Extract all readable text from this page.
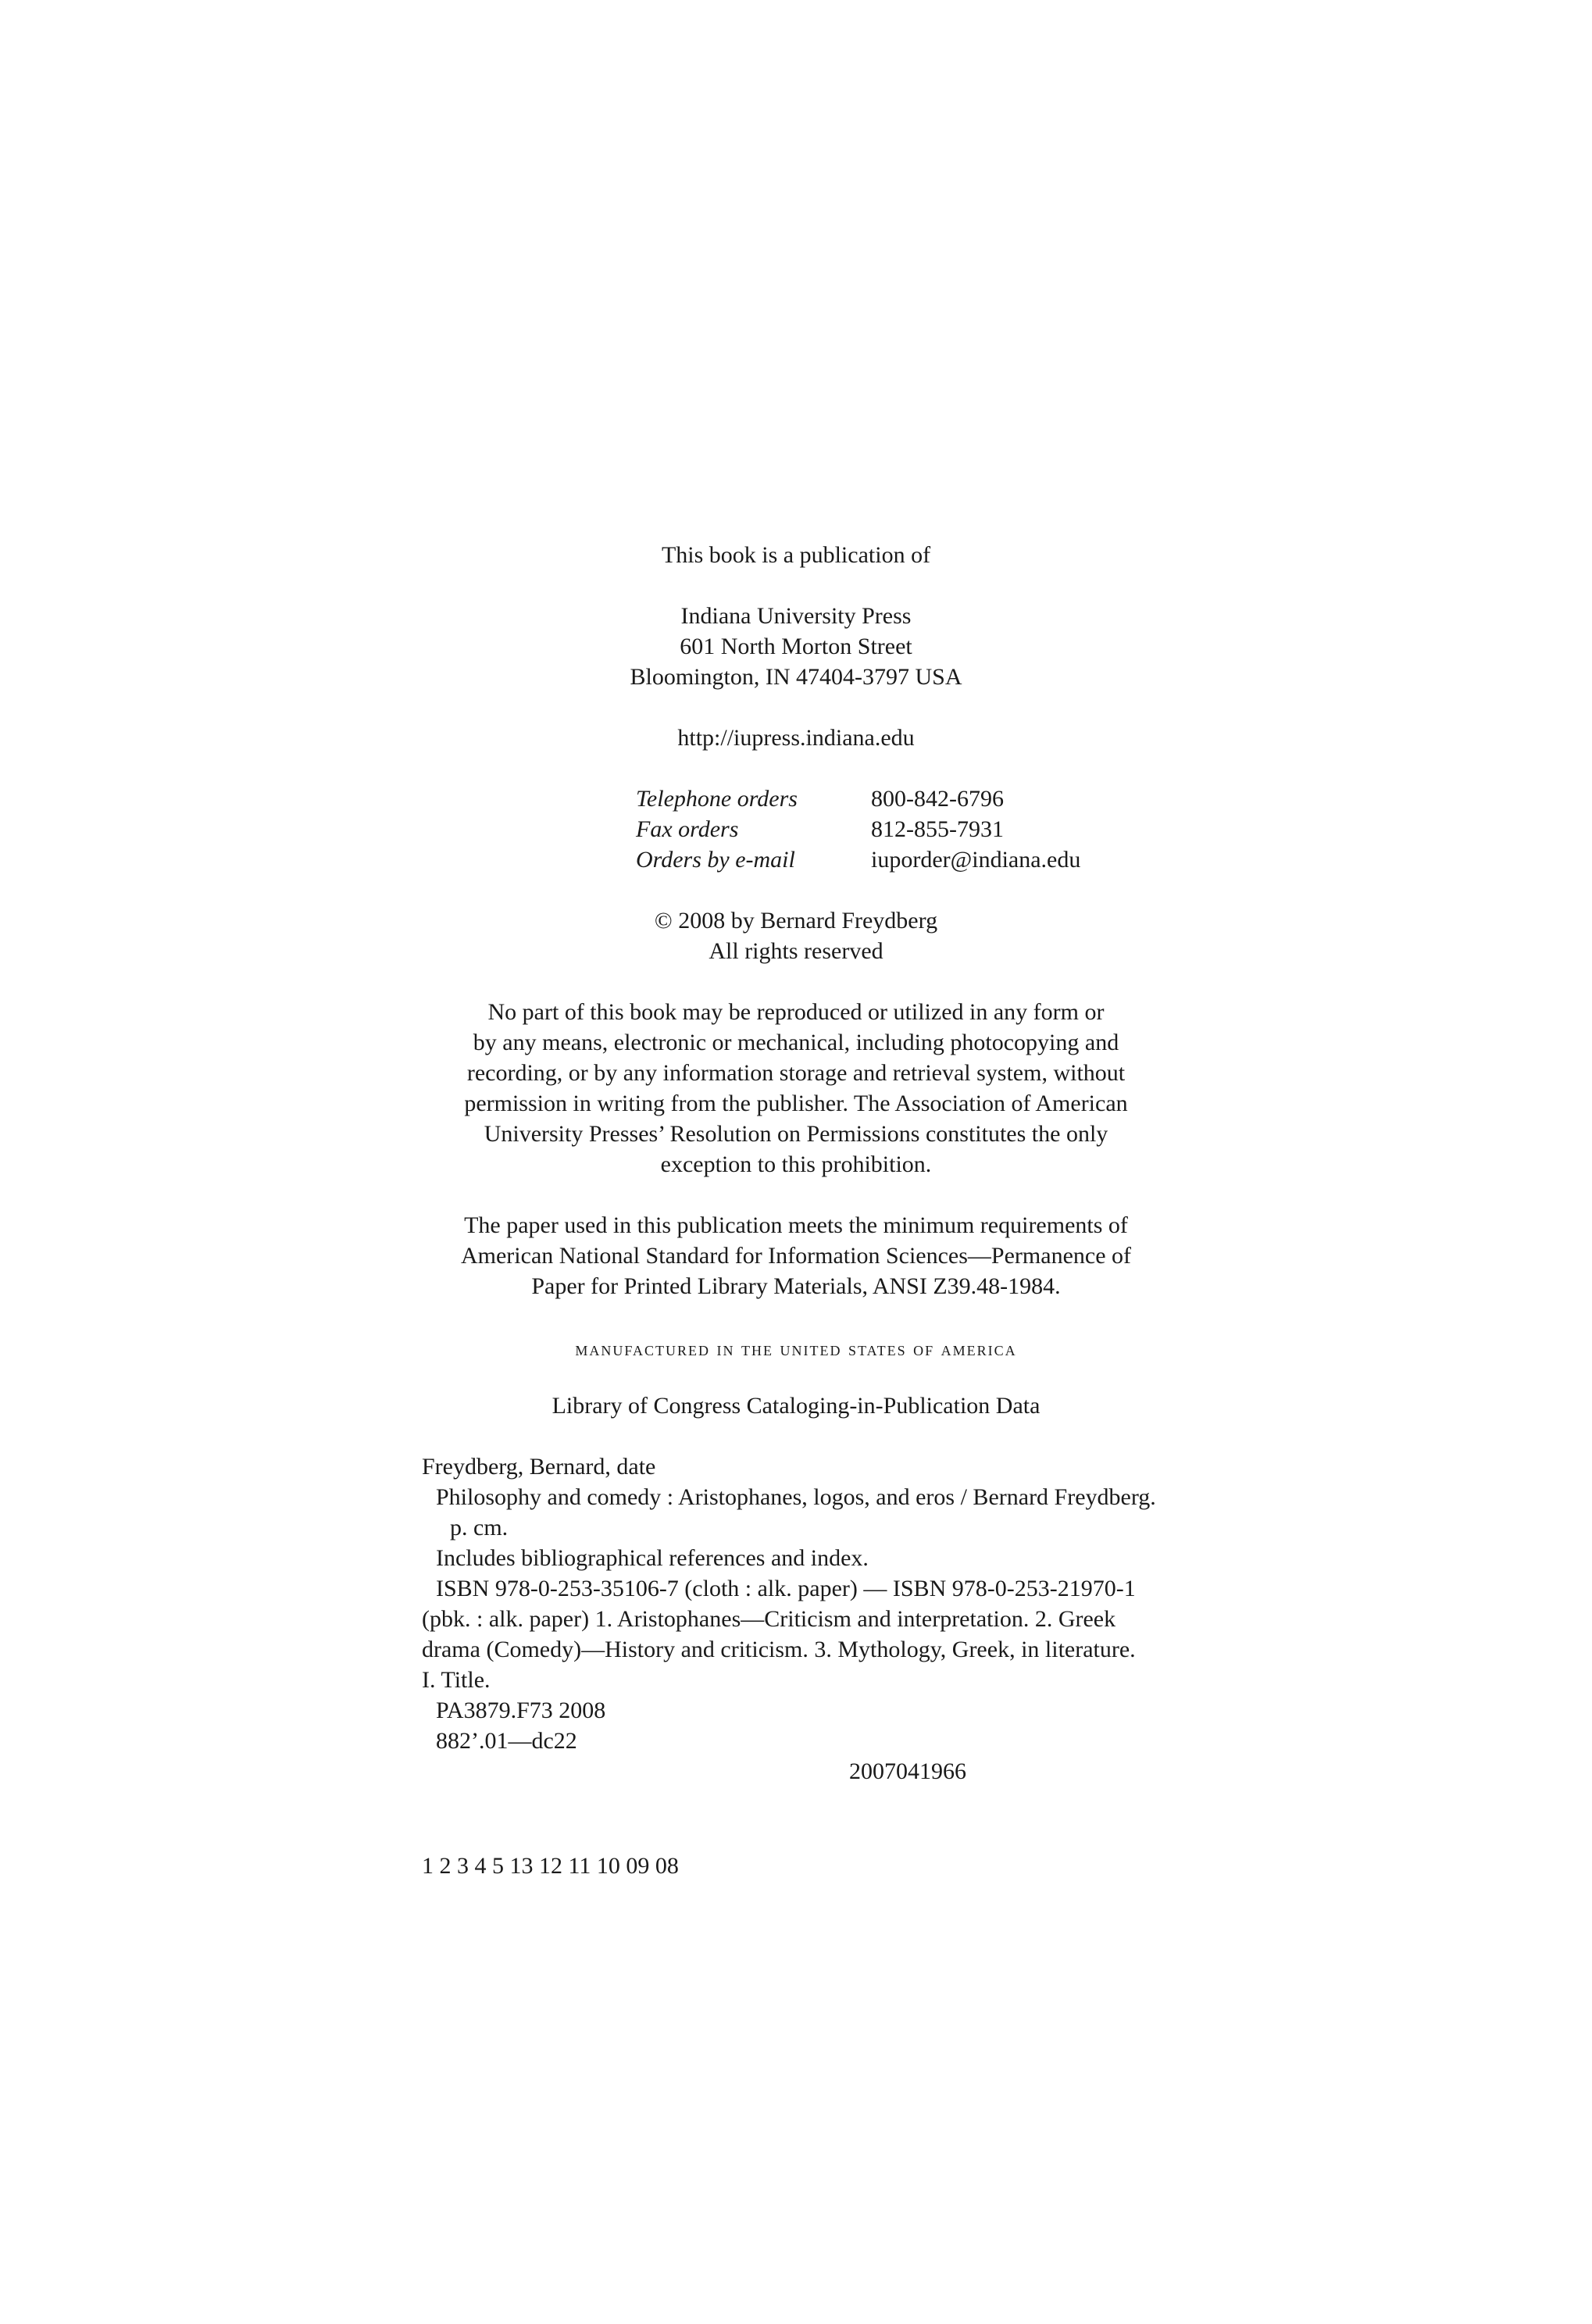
This book is a publication of
Indiana University Press
601 North Morton Street
Bloomington, IN 47404-3797 USA
http://iupress.indiana.edu
Telephone orders	800-842-6796
Fax orders	812-855-7931
Orders by e-mail	iuporder@indiana.edu
© 2008 by Bernard Freydberg
All rights reserved
No part of this book may be reproduced or utilized in any form or
by any means, electronic or mechanical, including photocopying and
recording, or by any information storage and retrieval system, without
permission in writing from the publisher. The Association of American
University Presses’ Resolution on Permissions constitutes the only
exception to this prohibition.
The paper used in this publication meets the minimum requirements of
American National Standard for Information Sciences—Permanence of
Paper for Printed Library Materials, ANSI Z39.48-1984.
manufactured in the united states of america
Library of Congress Cataloging-in-Publication Data
Freydberg, Bernard, date
Philosophy and comedy : Aristophanes, logos, and eros / Bernard Freydberg.
p. cm.
Includes bibliographical references and index.
ISBN 978-0-253-35106-7 (cloth : alk. paper) — ISBN 978-0-253-21970-1
(pbk. : alk. paper) 1. Aristophanes—Criticism and interpretation. 2. Greek
drama (Comedy)—History and criticism. 3. Mythology, Greek, in literature.
I. Title.
PA3879.F73 2008
882’.01—dc22
2007041966
1 2 3 4 5 13 12 11 10 09 08
